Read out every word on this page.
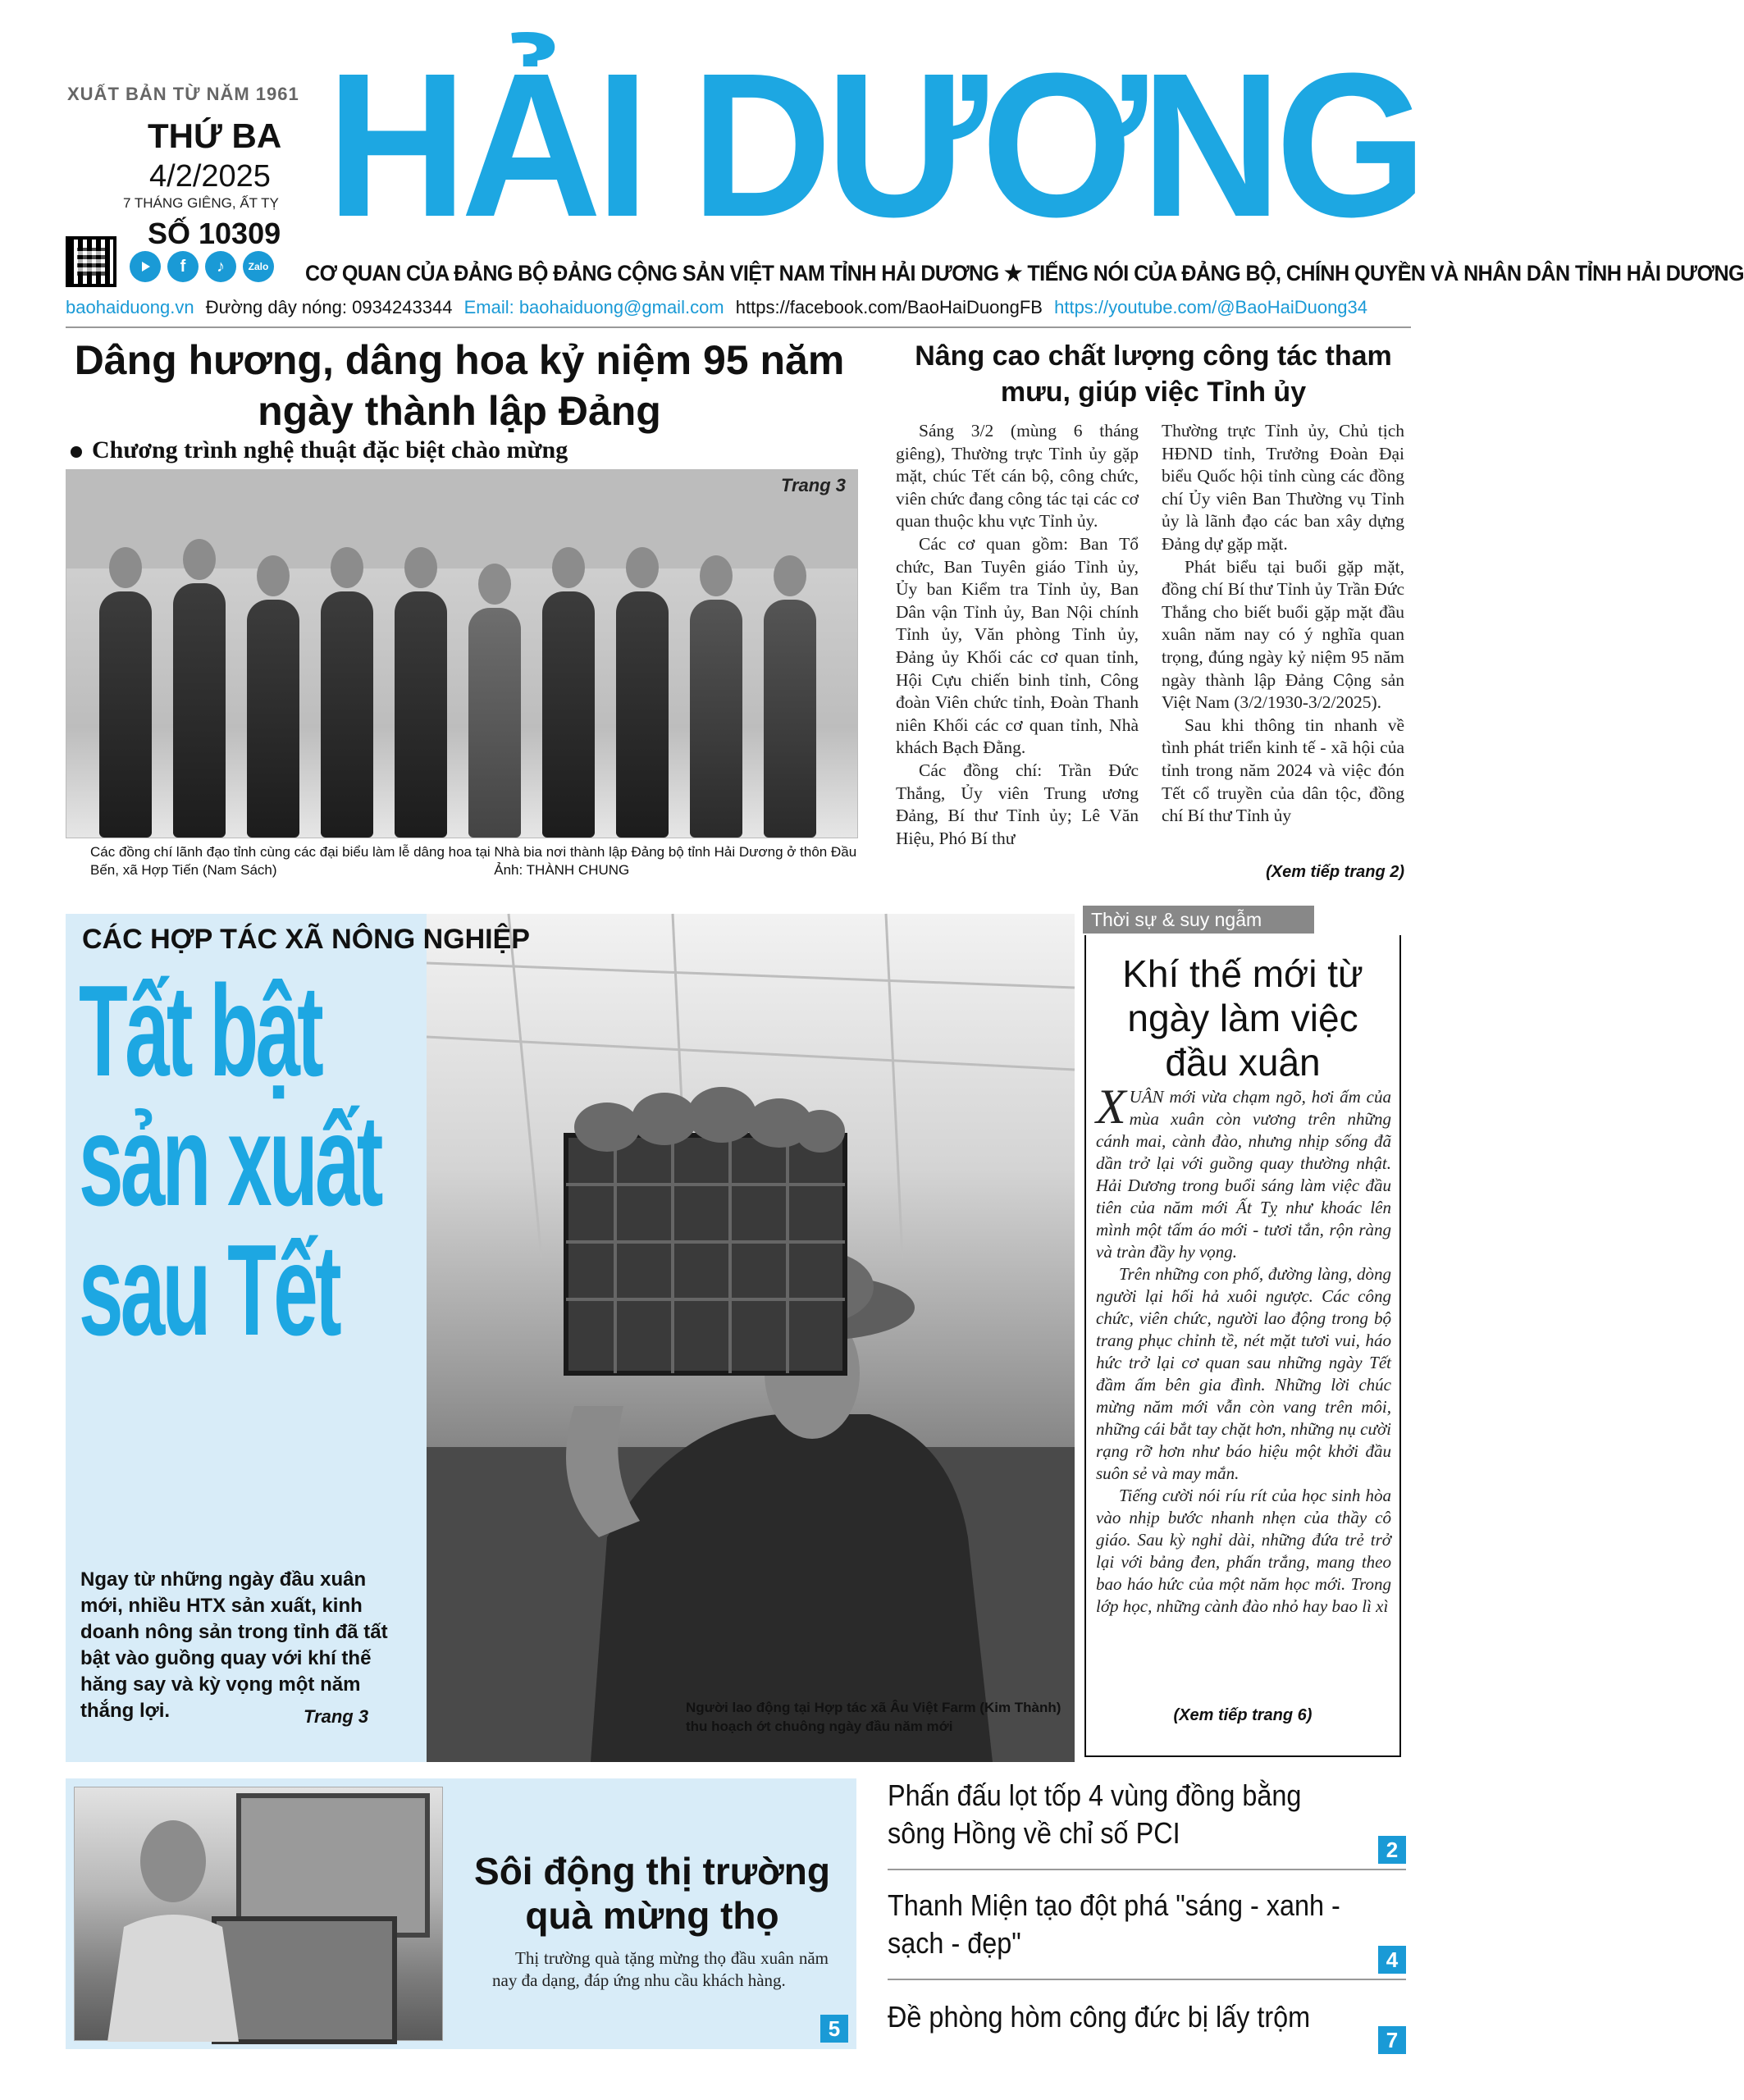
XUẤT BẢN TỪ NĂM 1961
THỨ BA
4/2/2025
7 THÁNG GIÊNG, ẤT TỴ
SỐ 10309
f	♪	Zalo
HẢI DƯƠNG
CƠ QUAN CỦA ĐẢNG BỘ ĐẢNG CỘNG SẢN VIỆT NAM TỈNH HẢI DƯƠNG ★ TIẾNG NÓI CỦA ĐẢNG BỘ, CHÍNH QUYỀN VÀ NHÂN DÂN TỈNH HẢI DƯƠNG
baohaiduong.vn Đường dây nóng: 0934243344 Email: baohaiduong@gmail.com https://facebook.com/BaoHaiDuongFB https://youtube.com/@BaoHaiDuong34
Dâng hương, dâng hoa kỷ niệm 95 năm ngày thành lập Đảng
Chương trình nghệ thuật đặc biệt chào mừng
Trang 3
Các đồng chí lãnh đạo tỉnh cùng các đại biểu làm lễ dâng hoa tại Nhà bia nơi thành lập Đảng bộ tỉnh Hải Dương ở thôn Đầu Bến, xã Hợp Tiến (Nam Sách)	Ảnh: THÀNH CHUNG
Nâng cao chất lượng công tác tham mưu, giúp việc Tỉnh ủy

Sáng 3/2 (mùng 6 tháng giêng), Thường trực Tỉnh ủy gặp mặt, chúc Tết cán bộ, công chức, viên chức đang công tác tại các cơ quan thuộc khu vực Tỉnh ủy.

Các cơ quan gồm: Ban Tổ chức, Ban Tuyên giáo Tỉnh ủy, Ủy ban Kiểm tra Tỉnh ủy, Ban Dân vận Tỉnh ủy, Ban Nội chính Tỉnh ủy, Văn phòng Tỉnh ủy, Đảng ủy Khối các cơ quan tỉnh, Hội Cựu chiến binh tỉnh, Công đoàn Viên chức tỉnh, Đoàn Thanh niên Khối các cơ quan tỉnh, Nhà khách Bạch Đằng.

Các đồng chí: Trần Đức Thắng, Ủy viên Trung ương Đảng, Bí thư Tỉnh ủy; Lê Văn Hiệu, Phó Bí thư

Thường trực Tỉnh ủy, Chủ tịch HĐND tỉnh, Trưởng Đoàn Đại biểu Quốc hội tỉnh cùng các đồng chí Ủy viên Ban Thường vụ Tỉnh ủy là lãnh đạo các ban xây dựng Đảng dự gặp mặt.

Phát biểu tại buổi gặp mặt, đồng chí Bí thư Tỉnh ủy Trần Đức Thắng cho biết buổi gặp mặt đầu xuân năm nay có ý nghĩa quan trọng, đúng ngày kỷ niệm 95 năm ngày thành lập Đảng Cộng sản Việt Nam (3/2/1930-3/2/2025).

Sau khi thông tin nhanh về tình phát triển kinh tế - xã hội của tỉnh trong năm 2024 và việc đón Tết cổ truyền của dân tộc, đồng chí Bí thư Tỉnh ủy

(Xem tiếp trang 2)
CÁC HỢP TÁC XÃ NÔNG NGHIỆP
Tất bật
sản xuất
sau Tết
Ngay từ những ngày đầu xuân mới, nhiều HTX sản xuất, kinh doanh nông sản trong tỉnh đã tất bật vào guồng quay với khí thế hăng say và kỳ vọng một năm thắng lợi.	Trang 3	Người lao động tại Hợp tác xã Âu Việt Farm (Kim Thành) thu hoạch ớt chuông ngày đầu năm mới
Thời sự & suy ngẫm
Khí thế mới từ ngày làm việc đầu xuân

XUÂN mới vừa chạm ngõ, hơi ấm của mùa xuân còn vương trên những cánh mai, cành đào, nhưng nhịp sống đã dần trở lại với guồng quay thường nhật. Hải Dương trong buổi sáng làm việc đầu tiên của năm mới Ất Tỵ như khoác lên mình một tấm áo mới - tươi tắn, rộn ràng và tràn đầy hy vọng.

Trên những con phố, đường làng, dòng người lại hối hả xuôi ngược. Các công chức, viên chức, người lao động trong bộ trang phục chỉnh tề, nét mặt tươi vui, háo hức trở lại cơ quan sau những ngày Tết đầm ấm bên gia đình. Những lời chúc mừng năm mới vẫn còn vang trên môi, những cái bắt tay chặt hơn, những nụ cười rạng rỡ hơn như báo hiệu một khởi đầu suôn sẻ và may mắn.

Tiếng cười nói ríu rít của học sinh hòa vào nhịp bước nhanh nhẹn của thầy cô giáo. Sau kỳ nghỉ dài, những đứa trẻ trở lại với bảng đen, phấn trắng, mang theo bao háo hức của một năm học mới. Trong lớp học, những cành đào nhỏ hay bao lì xì

(Xem tiếp trang 6)
Sôi động thị trường quà mừng thọ
Thị trường quà tặng mừng thọ đầu xuân năm nay đa dạng, đáp ứng nhu cầu khách hàng.
5
Phấn đấu lọt tốp 4 vùng đồng bằng sông Hồng về chỉ số PCI	2
Thanh Miện tạo đột phá "sáng - xanh - sạch - đẹp"	4
Đề phòng hòm công đức bị lấy trộm
7
